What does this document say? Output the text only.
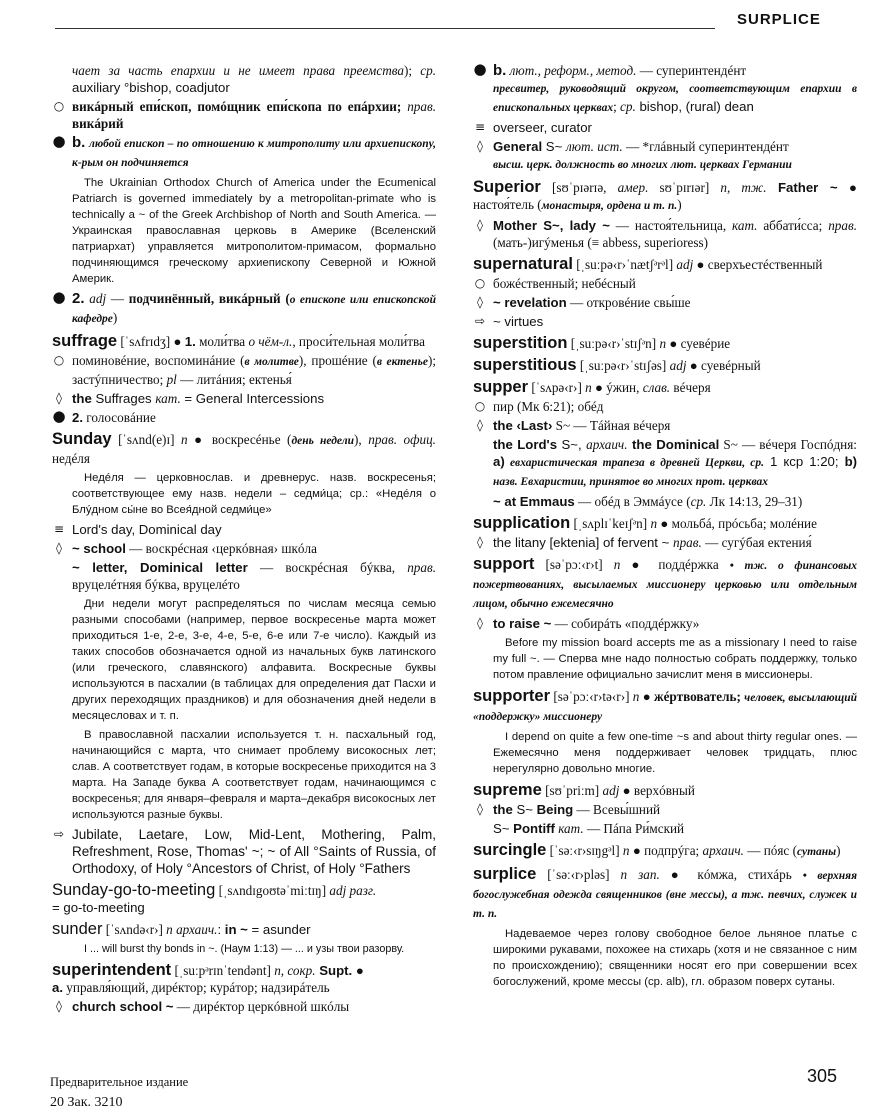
SURPLICE

чает за часть епархии и не имеет права преемства); ср. auxiliary °bishop, coadjutor

○ викáрный епи́скоп, помóщник епи́скопа по епáрхии; прав. викáрий

● b. любой епископ – по отношению к митрополиту или архиепископу, к-рым он подчиняется

The Ukrainian Orthodox Church of America under the Ecumenical Patriarch is governed immediately by a metropolitan-primate who is technically a ~ of the Greek Archbishop of North and South America. — Украинская православная церковь в Америке (Вселенский патриархат) управляется митрополитом-примасом, формально подчиняющимся греческому архиепископу Северной и Южной Америк.

● 2. adj — подчинённый, викáрный (о епископе или епископской кафедре)

suffrage [ˈsʌfrɪdʒ] ● 1. моли́тва о чём-л., проси́тельная моли́тва

○ поминовéние, воспоминáние (в молитве), прошéние (в ектенье); застýпничество; pl — литáния; ектенья́

◊ the Suffrages кат. = General Intercessions

● 2. голосовáние

Sunday [ˈsʌnd(e)ɪ] n ● воскресéнье (день недели), прав. офиц. недéля

Недéля — церковнослав. и древнерус. назв. воскресенья; соответствующее ему назв. недели – седми́ца; ср.: «Недéля о Блýдном сы́не во Всея́дной седми́це»

≡ Lord's day, Dominical day

◊ ~ school — воскрéсная ‹церкóвная› шкóла

~ letter, Dominical letter — воскрéсная бýква, прав. вруцелéтняя бýква, вруцелéто

Дни недели могут распределяться по числам месяца семью разными способами (например, первое воскресенье марта может приходиться 1-е, 2-е, 3-е, 4-е, 5-е, 6-е или 7-е число). Каждый из таких способов обозначается одной из начальных букв латинского (или греческого, славянского) алфавита. Воскресные буквы используются в пасхалии (в таблицах для определения дат Пасхи и других переходящих праздников) и для обозначения дней недели в месяцесловах и т. п.

В православной пасхалии используется т. н. пасхальный год, начинающийся с марта, что снимает проблему високосных лет; слав. А соответствует годам, в которые воскресенье приходится на 3 марта. На Западе буква А соответствует годам, начинающимся с воскресенья; для января–февраля и марта–декабря високосных лет используются разные буквы.

⇨ Jubilate, Laetare, Low, Mid-Lent, Mothering, Palm, Refreshment, Rose, Thomas' ~; ~ of All °Saints of Russia, of Orthodoxy, of Holy °Ancestors of Christ, of Holy °Fathers

Sunday-go-to-meeting [ˌsʌndɪgoʊtəˈmiːtɪŋ] adj разг.
= go-to-meeting

sunder [ˈsʌndə‹r›] n архаич.: in ~ = asunder

I ... will burst thy bonds in ~. (Наум 1:13) — ... и узы твои разорву.

superintendent [ˌsuːpᵊrɪnˈtendənt] n, сокр. Supt. ●
a. управля́ющий, дирéктор; курáтор; надзирáтель

◊ church school ~ — дирéктор церкóвной шкóлы

● b. лют., реформ., метод. — суперинтендéнт
пресвитер, руководящий округом, соответствующим епархии в епископальных церквах; ср. bishop, (rural) dean

≡ overseer, curator

◊ General S~ лют. ист. — *глáвный суперинтендéнт
высш. церк. должность во многих лют. церквах Германии

Superior [sʊˈpɪərɪə, амер. sʊˈpɪrɪər] n, тж. Father ~ ● настоя́тель (монастыря, ордена и т. п.)

◊ Mother S~, lady ~ — настоя́тельница, кат. аббати́сса; прав. (мать-)игýменья (≡ abbess, superioress)

supernatural [ˌsuːpə‹r›ˈnætʃᵊrᵊl] adj ● сверхъестéственный

○ божéственный; небéсный

◊ ~ revelation — откровéние свы́ше

⇨ ~ virtues

superstition [ˌsuːpə‹r›ˈstɪʃᵊn] n ● суевéрие

superstitious [ˌsuːpə‹r›ˈstɪʃəs] adj ● суевéрный

supper [ˈsʌpə‹r›] n ● ýжин, слав. вéчеря

○ пир (Мк 6:21); обéд

◊ the ‹Last› S~ — Тáйная вéчеря

the Lord's S~, архаич. the Dominical S~ — вéчеря Госпóдня: a) евхаристическая трапеза в древней Церкви, ср. 1 кср 1:20; b) назв. Евхаристии, принятое во многих прот. церквах

~ at Emmaus — обéд в Эммáусе (ср. Лк 14:13, 29–31)

supplication [ˌsʌplɪˈkeɪʃᵊn] n ● мольбá, прóсьба; молéние

◊ the litany [ektenia] of fervent ~ прав. — сугýбая ектения́

support [səˈpɔː‹r›t] n ● поддéржка • тж. о финансовых пожертвованиях, высылаемых миссионеру церковью или отдельным лицом, обычно ежемесячно

◊ to raise ~ — собирáть «поддéржку»

Before my mission board accepts me as a missionary I need to raise my full ~. — Сперва мне надо полностью собрать поддержку, только потом правление официально зачислит меня в миссионеры.

supporter [səˈpɔː‹r›tə‹r›] n ● жéртвователь; человек, высылающий «поддержку» миссионеру

I depend on quite a few one-time ~s and about thirty regular ones. — Ежемесячно меня поддерживает человек тридцать, плюс нерегулярно довольно многие.

supreme [sʊˈpriːm] adj ● верхóвный

◊ the S~ Being — Всевы́шний

S~ Pontiff кат. — Пáпа Ри́мский

surcingle [ˈsəː‹r›sɪŋgᵊl] n ● подпрýга; архаич. — пóяс (сутаны)

surplice [ˈsəː‹r›pləs] n зап. ● кóмжа, стихáрь • верхняя богослужебная одежда священников (вне мессы), а тж. певчих, служек и т. п.

Надеваемое через голову свободное белое льняное платье с широкими рукавами, похожее на стихарь (хотя и не связанное с ним по происхождению); священники носят его при совершении всех богослужений, кроме мессы (ср. alb), гл. образом поверх сутаны.

Предварительное издание
20 Зак. 3210
305
